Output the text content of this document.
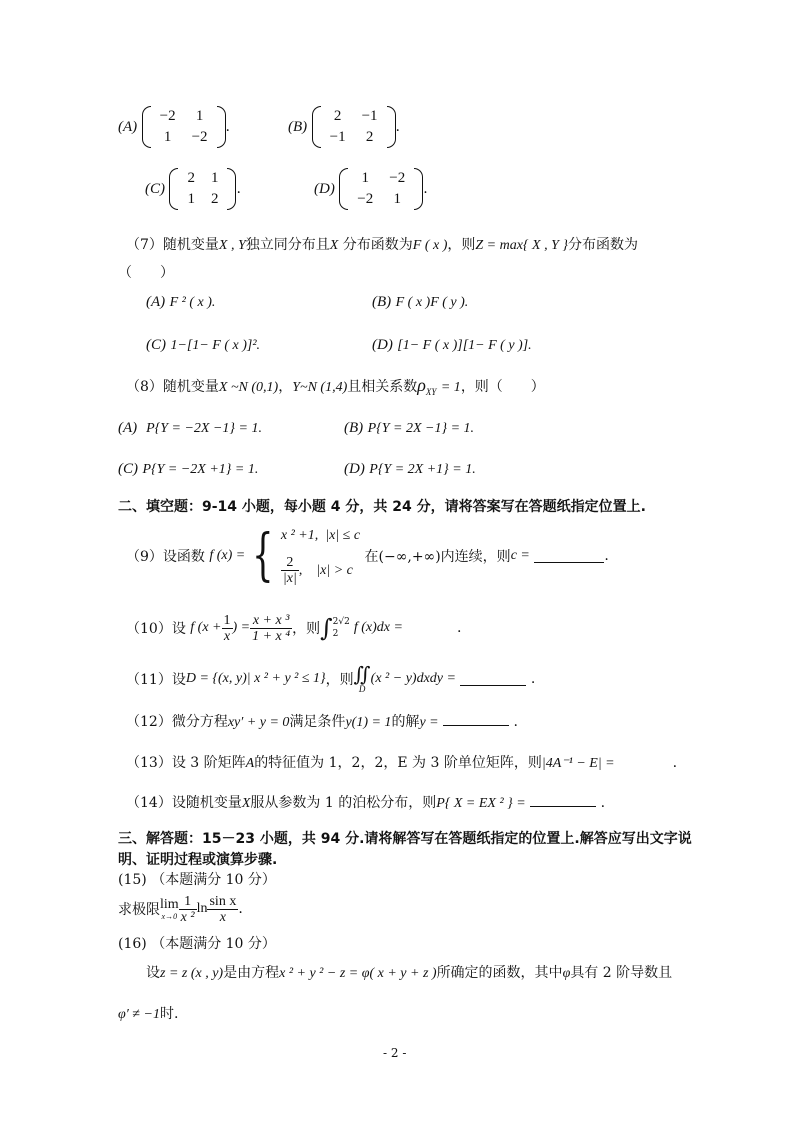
(A)
−2	1
1	−2
.	(B)
2	−1
−1	2
.
(C)
2	1
1	2
.	(D)
1	−2
−2	1
.
（7）随机变量X , Y独立同分布且X 分布函数为F ( x )，则Z = max{ X , Y }分布函数为
（　　）
(A) F ² ( x ).	(B) F ( x )F ( y ).
(C) 1−[1− F ( x )]².	(D) [1− F ( x )][1− F ( y )].
（8）随机变量X ~N (0,1)，Y~N (1,4)且相关系数$\rho_{XY} = 1$，则（　　）
(A) P{Y = −2X −1} = 1.	(B) P{Y = 2X −1} = 1.
(C) P{Y = −2X +1} = 1.	(D) P{Y = 2X +1} = 1.
二、填空题：9-14 小题，每小题 4 分，共 24 分，请将答案写在答题纸指定位置上.
（9）设函数
f (x) = { x ² +1, |x| ≤ c
$\frac{2}{|x|}$ , |x| > c

在(−∞,+∞)内连续，则 c =
	.
（10）设
f ($x + \frac{1}{x}$ ) = $\frac{\text{x + x ³}}{\text{1 + x ⁴}}$ ，则 ∫ 2√2
2	f (x)dx =	.
（11）设 D = {(x, y)| x ² + y ² ≤ 1} ，则 ∬
D
(x ² − y)dxdy =

	.
（12）微分方程xy′ + y = 0满足条件y(1) = 1的解y =	.
（13）设 3 阶矩阵A的特征值为 1，2，2，E 为 3 阶单位矩阵，则|4A⁻¹ − E| =	.
（14）设随机变量X服从参数为 1 的泊松分布，则P{ X = EX ² } =	.
三、解答题：15－23 小题，共 94 分.请将解答写在答题纸指定的位置上.解答应写出文字说
明、证明过程或演算步骤.
(15) （本题满分 10 分）
求极限 lim
$x\to 0 \frac{1}{\text{x ²}}$ $\ln \frac{\text{sin x}}{x}$ .
(16) （本题满分 10 分）
设z = z (x , y)是由方程x ² + y ² − z = φ( x + y + z )所确定的函数，其中φ具有 2 阶导数且
φ′ ≠ −1时.
- 2 -
